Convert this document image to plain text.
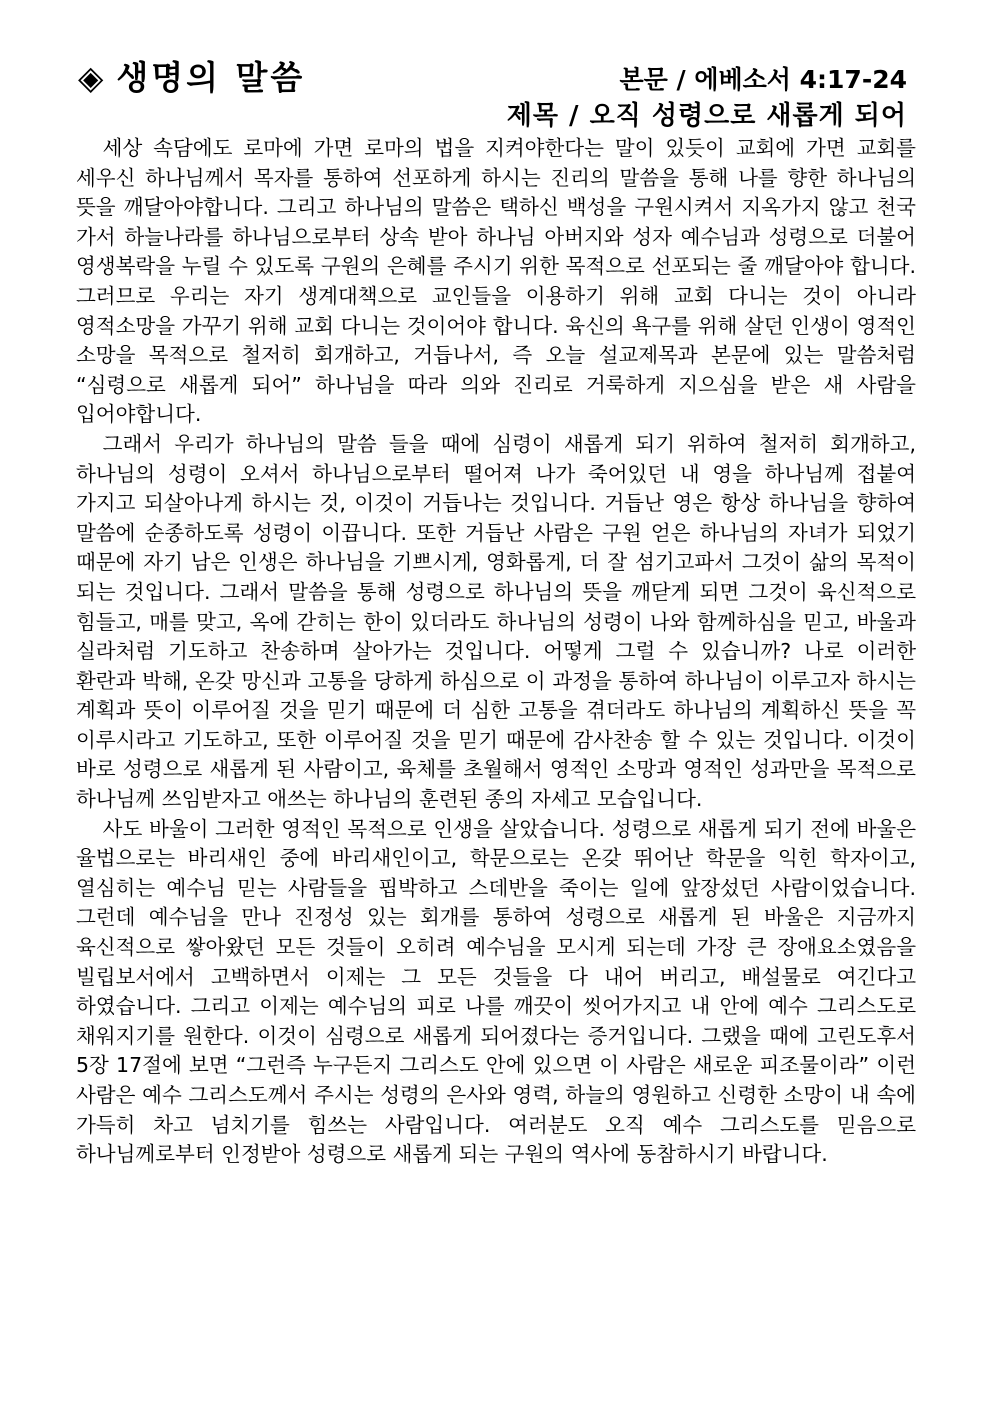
◈ 생명의 말씀	본문 / 에베소서 4:17-24
제목 / 오직 성령으로 새롭게 되어

세상 속담에도 로마에 가면 로마의 법을 지켜야한다는 말이 있듯이 교회에 가면 교회를 세우신 하나님께서 목자를 통하여 선포하게 하시는 진리의 말씀을 통해 나를 향한 하나님의 뜻을 깨달아야합니다. 그리고 하나님의 말씀은 택하신 백성을 구원시켜서 지옥가지 않고 천국 가서 하늘나라를 하나님으로부터 상속 받아 하나님 아버지와 성자 예수님과 성령으로 더불어 영생복락을 누릴 수 있도록 구원의 은혜를 주시기 위한 목적으로 선포되는 줄 깨달아야 합니다. 그러므로 우리는 자기 생계대책으로 교인들을 이용하기 위해 교회 다니는 것이 아니라 영적소망을 가꾸기 위해 교회 다니는 것이어야 합니다. 육신의 욕구를 위해 살던 인생이 영적인 소망을 목적으로 철저히 회개하고, 거듭나서, 즉 오늘 설교제목과 본문에 있는 말씀처럼 “심령으로 새롭게 되어” 하나님을 따라 의와 진리로 거룩하게 지으심을 받은 새 사람을 입어야합니다.

그래서 우리가 하나님의 말씀 들을 때에 심령이 새롭게 되기 위하여 철저히 회개하고, 하나님의 성령이 오셔서 하나님으로부터 떨어져 나가 죽어있던 내 영을 하나님께 접붙여 가지고 되살아나게 하시는 것, 이것이 거듭나는 것입니다. 거듭난 영은 항상 하나님을 향하여 말씀에 순종하도록 성령이 이끕니다. 또한 거듭난 사람은 구원 얻은 하나님의 자녀가 되었기 때문에 자기 남은 인생은 하나님을 기쁘시게, 영화롭게, 더 잘 섬기고파서 그것이 삶의 목적이 되는 것입니다. 그래서 말씀을 통해 성령으로 하나님의 뜻을 깨닫게 되면 그것이 육신적으로 힘들고, 매를 맞고, 옥에 갇히는 한이 있더라도 하나님의 성령이 나와 함께하심을 믿고, 바울과 실라처럼 기도하고 찬송하며 살아가는 것입니다. 어떻게 그럴 수 있습니까? 나로 이러한 환란과 박해, 온갖 망신과 고통을 당하게 하심으로 이 과정을 통하여 하나님이 이루고자 하시는 계획과 뜻이 이루어질 것을 믿기 때문에 더 심한 고통을 겪더라도 하나님의 계획하신 뜻을 꼭 이루시라고 기도하고, 또한 이루어질 것을 믿기 때문에 감사찬송 할 수 있는 것입니다. 이것이 바로 성령으로 새롭게 된 사람이고, 육체를 초월해서 영적인 소망과 영적인 성과만을 목적으로 하나님께 쓰임받자고 애쓰는 하나님의 훈련된 종의 자세고 모습입니다.

사도 바울이 그러한 영적인 목적으로 인생을 살았습니다. 성령으로 새롭게 되기 전에 바울은 율법으로는 바리새인 중에 바리새인이고, 학문으로는 온갖 뛰어난 학문을 익힌 학자이고, 열심히는 예수님 믿는 사람들을 핍박하고 스데반을 죽이는 일에 앞장섰던 사람이었습니다. 그런데 예수님을 만나 진정성 있는 회개를 통하여 성령으로 새롭게 된 바울은 지금까지 육신적으로 쌓아왔던 모든 것들이 오히려 예수님을 모시게 되는데 가장 큰 장애요소였음을 빌립보서에서 고백하면서 이제는 그 모든 것들을 다 내어 버리고, 배설물로 여긴다고 하였습니다. 그리고 이제는 예수님의 피로 나를 깨끗이 씻어가지고 내 안에 예수 그리스도로 채워지기를 원한다. 이것이 심령으로 새롭게 되어졌다는 증거입니다. 그랬을 때에 고린도후서 5장 17절에 보면 “그런즉 누구든지 그리스도 안에 있으면 이 사람은 새로운 피조물이라” 이런 사람은 예수 그리스도께서 주시는 성령의 은사와 영력, 하늘의 영원하고 신령한 소망이 내 속에 가득히 차고 넘치기를 힘쓰는 사람입니다. 여러분도 오직 예수 그리스도를 믿음으로 하나님께로부터 인정받아 성령으로 새롭게 되는 구원의 역사에 동참하시기 바랍니다.
